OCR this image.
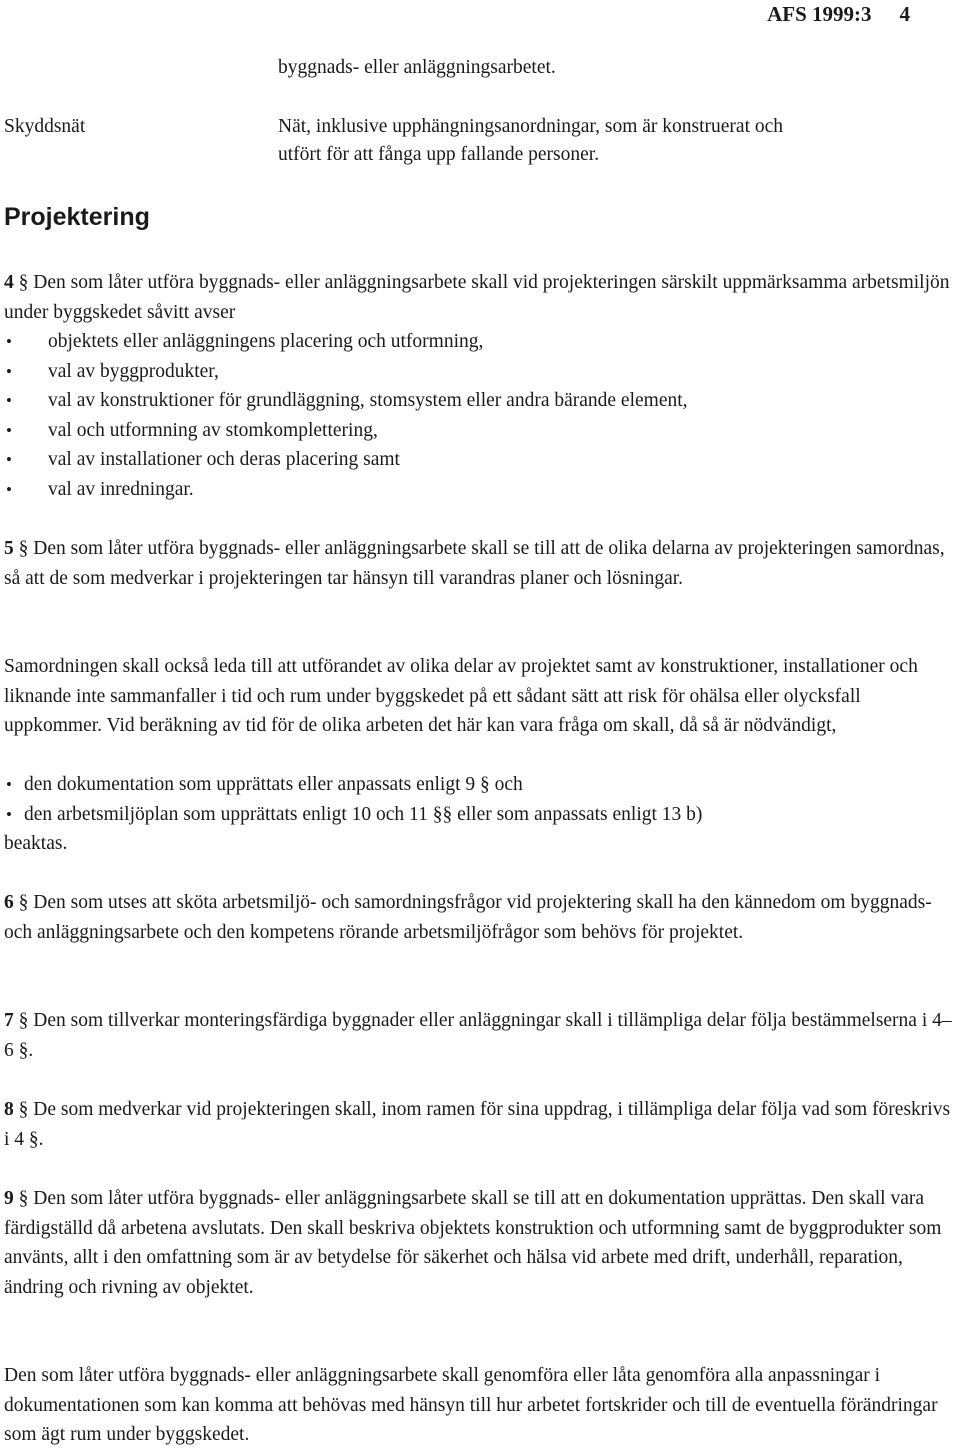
AFS 1999:3 4
byggnads- eller anläggningsarbetet.
Skyddsnät	Nät, inklusive upphängningsanordningar, som är konstruerat och
utfört för att fånga upp fallande personer.
Projektering
4 § Den som låter utföra byggnads- eller anläggningsarbete skall vid projekteringen särskilt uppmärksamma arbetsmiljön under byggskedet såvitt avser
• objektets eller anläggningens placering och utformning,
• val av byggprodukter,
• val av konstruktioner för grundläggning, stomsystem eller andra bärande element,
• val och utformning av stomkomplettering,
• val av installationer och deras placering samt
• val av inredningar.
5 § Den som låter utföra byggnads- eller anläggningsarbete skall se till att de olika delarna av projekteringen samordnas, så att de som medverkar i projekteringen tar hänsyn till varandras planer och lösningar.
Samordningen skall också leda till att utförandet av olika delar av projektet samt av konstruktioner, installationer och liknande inte sammanfaller i tid och rum under byggskedet på ett sådant sätt att risk för ohälsa eller olycksfall uppkommer. Vid beräkning av tid för de olika arbeten det här kan vara fråga om skall, då så är nödvändigt,
• den dokumentation som upprättats eller anpassats enligt 9 § och
• den arbetsmiljöplan som upprättats enligt 10 och 11 §§ eller som anpassats enligt 13 b)
beaktas.
6 § Den som utses att sköta arbetsmiljö- och samordningsfrågor vid projektering skall ha den kännedom om byggnads- och anläggningsarbete och den kompetens rörande arbetsmiljöfrågor som behövs för projektet.
7 § Den som tillverkar monteringsfärdiga byggnader eller anläggningar skall i tillämpliga delar följa bestämmelserna i 4–6 §.
8 § De som medverkar vid projekteringen skall, inom ramen för sina uppdrag, i tillämpliga delar följa vad som föreskrivs i 4 §.
9 § Den som låter utföra byggnads- eller anläggningsarbete skall se till att en dokumentation upprättas. Den skall vara färdigställd då arbetena avslutats. Den skall beskriva objektets konstruktion och utformning samt de byggprodukter som använts, allt i den omfattning som är av betydelse för säkerhet och hälsa vid arbete med drift, underhåll, reparation, ändring och rivning av objektet.
Den som låter utföra byggnads- eller anläggningsarbete skall genomföra eller låta genomföra alla anpassningar i dokumentationen som kan komma att behövas med hänsyn till hur arbetet fortskrider och till de eventuella förändringar som ägt rum under byggskedet.
